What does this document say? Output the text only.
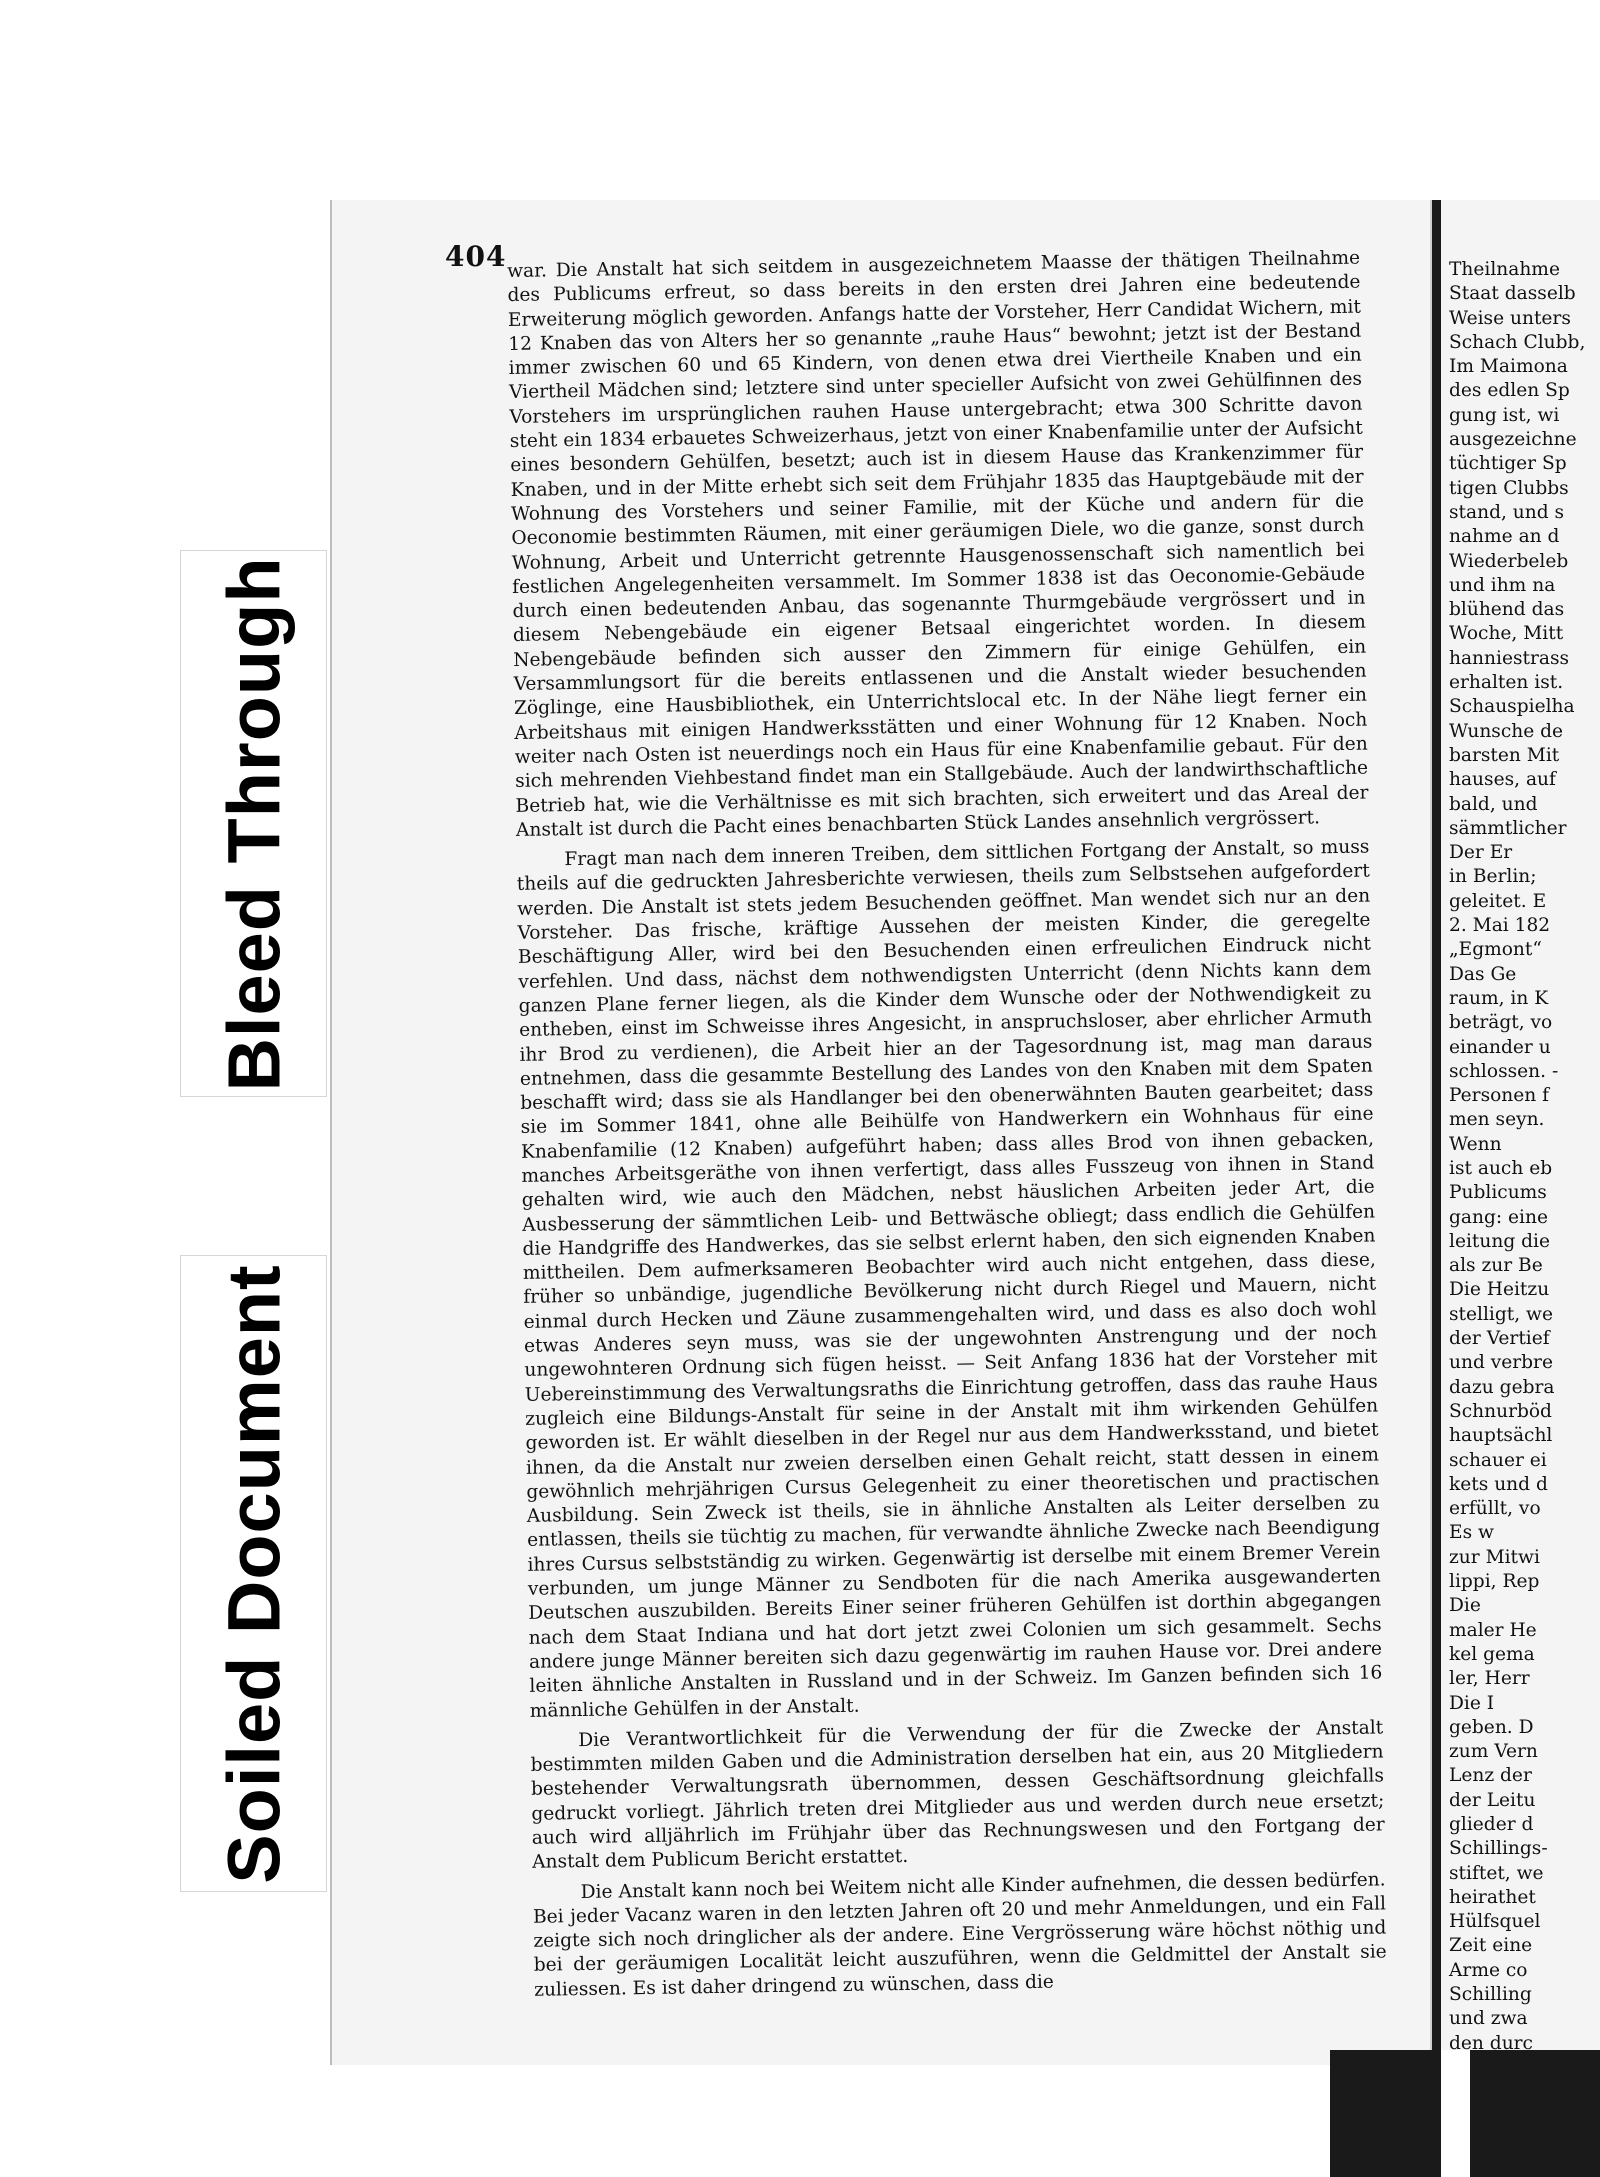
Bleed Through
Soiled Document
404 war. Die Anstalt hat sich seitdem in ausgezeichnetem Maasse der thätigen Theilnahme des Publicums erfreut, so dass bereits in den ersten drei Jahren eine bedeutende Erweiterung möglich geworden. Anfangs hatte der Vorsteher, Herr Candidat Wichern, mit 12 Knaben das von Alters her so genannte „rauhe Haus“ bewohnt; jetzt ist der Bestand immer zwischen 60 und 65 Kindern, von denen etwa drei Viertheile Knaben und ein Viertheil Mädchen sind; letztere sind unter specieller Aufsicht von zwei Gehülfinnen des Vorstehers im ursprünglichen rauhen Hause untergebracht; etwa 300 Schritte davon steht ein 1834 erbauetes Schweizerhaus, jetzt von einer Knabenfamilie unter der Aufsicht eines besondern Gehülfen, besetzt; auch ist in diesem Hause das Krankenzimmer für Knaben, und in der Mitte erhebt sich seit dem Frühjahr 1835 das Hauptgebäude mit der Wohnung des Vorstehers und seiner Familie, mit der Küche und andern für die Oeconomie bestimmten Räumen, mit einer geräumigen Diele, wo die ganze, sonst durch Wohnung, Arbeit und Unterricht getrennte Hausgenossenschaft sich namentlich bei festlichen Angelegenheiten versammelt. Im Sommer 1838 ist das Oeconomie-Gebäude durch einen bedeutenden Anbau, das sogenannte Thurmgebäude vergrössert und in diesem Nebengebäude ein eigener Betsaal eingerichtet worden. In diesem Nebengebäude befinden sich ausser den Zimmern für einige Gehülfen, ein Versammlungsort für die bereits entlassenen und die Anstalt wieder besuchenden Zöglinge, eine Hausbibliothek, ein Unterrichtslocal etc. In der Nähe liegt ferner ein Arbeitshaus mit einigen Handwerksstätten und einer Wohnung für 12 Knaben. Noch weiter nach Osten ist neuerdings noch ein Haus für eine Knabenfamilie gebaut. Für den sich mehrenden Viehbestand findet man ein Stallgebäude. Auch der landwirthschaftliche Betrieb hat, wie die Verhältnisse es mit sich brachten, sich erweitert und das Areal der Anstalt ist durch die Pacht eines benachbarten Stück Landes ansehnlich vergrössert.

Fragt man nach dem inneren Treiben, dem sittlichen Fortgang der Anstalt, so muss theils auf die gedruckten Jahresberichte verwiesen, theils zum Selbstsehen aufgefordert werden. Die Anstalt ist stets jedem Besuchenden geöffnet. Man wendet sich nur an den Vorsteher. Das frische, kräftige Aussehen der meisten Kinder, die geregelte Beschäftigung Aller, wird bei den Besuchenden einen erfreulichen Eindruck nicht verfehlen. Und dass, nächst dem nothwendigsten Unterricht (denn Nichts kann dem ganzen Plane ferner liegen, als die Kinder dem Wunsche oder der Nothwendigkeit zu entheben, einst im Schweisse ihres Angesicht, in anspruchsloser, aber ehrlicher Armuth ihr Brod zu verdienen), die Arbeit hier an der Tagesordnung ist, mag man daraus entnehmen, dass die gesammte Bestellung des Landes von den Knaben mit dem Spaten beschafft wird; dass sie als Handlanger bei den obenerwähnten Bauten gearbeitet; dass sie im Sommer 1841, ohne alle Beihülfe von Handwerkern ein Wohnhaus für eine Knabenfamilie (12 Knaben) aufgeführt haben; dass alles Brod von ihnen gebacken, manches Arbeitsgeräthe von ihnen verfertigt, dass alles Fusszeug von ihnen in Stand gehalten wird, wie auch den Mädchen, nebst häuslichen Arbeiten jeder Art, die Ausbesserung der sämmtlichen Leib- und Bettwäsche obliegt; dass endlich die Gehülfen die Handgriffe des Handwerkes, das sie selbst erlernt haben, den sich eignenden Knaben mittheilen. Dem aufmerksameren Beobachter wird auch nicht entgehen, dass diese, früher so unbändige, jugendliche Bevölkerung nicht durch Riegel und Mauern, nicht einmal durch Hecken und Zäune zusammengehalten wird, und dass es also doch wohl etwas Anderes seyn muss, was sie der ungewohnten Anstrengung und der noch ungewohnteren Ordnung sich fügen heisst. — Seit Anfang 1836 hat der Vorsteher mit Uebereinstimmung des Verwaltungsraths die Einrichtung getroffen, dass das rauhe Haus zugleich eine Bildungs-Anstalt für seine in der Anstalt mit ihm wirkenden Gehülfen geworden ist. Er wählt dieselben in der Regel nur aus dem Handwerksstand, und bietet ihnen, da die Anstalt nur zweien derselben einen Gehalt reicht, statt dessen in einem gewöhnlich mehrjährigen Cursus Gelegenheit zu einer theoretischen und practischen Ausbildung. Sein Zweck ist theils, sie in ähnliche Anstalten als Leiter derselben zu entlassen, theils sie tüchtig zu machen, für verwandte ähnliche Zwecke nach Beendigung ihres Cursus selbstständig zu wirken. Gegenwärtig ist derselbe mit einem Bremer Verein verbunden, um junge Männer zu Sendboten für die nach Amerika ausgewanderten Deutschen auszubilden. Bereits Einer seiner früheren Gehülfen ist dorthin abgegangen nach dem Staat Indiana und hat dort jetzt zwei Colonien um sich gesammelt. Sechs andere junge Männer bereiten sich dazu gegenwärtig im rauhen Hause vor. Drei andere leiten ähnliche Anstalten in Russland und in der Schweiz. Im Ganzen befinden sich 16 männliche Gehülfen in der Anstalt.

Die Verantwortlichkeit für die Verwendung der für die Zwecke der Anstalt bestimmten milden Gaben und die Administration derselben hat ein, aus 20 Mitgliedern bestehender Verwaltungsrath übernommen, dessen Geschäftsordnung gleichfalls gedruckt vorliegt. Jährlich treten drei Mitglieder aus und werden durch neue ersetzt; auch wird alljährlich im Frühjahr über das Rechnungswesen und den Fortgang der Anstalt dem Publicum Bericht erstattet.

Die Anstalt kann noch bei Weitem nicht alle Kinder aufnehmen, die dessen bedürfen. Bei jeder Vacanz waren in den letzten Jahren oft 20 und mehr Anmeldungen, und ein Fall zeigte sich noch dringlicher als der andere. Eine Vergrösserung wäre höchst nöthig und bei der geräumigen Localität leicht auszuführen, wenn die Geldmittel der Anstalt sie zuliessen. Es ist daher dringend zu wünschen, dass die

Theilnahme
Staat dasselb
Weise unters
Schach Clubb,
Im Maimona
des edlen Sp
gung ist, wi
ausgezeichne
tüchtiger Sp
tigen Clubbs
stand, und s
nahme an d
Wiederbeleb
und ihm na
blühend das
Woche, Mitt
hanniestrass
erhalten ist.
Schauspielha
Wunsche de
barsten Mit
hauses, auf
bald, und
sämmtlicher
Der Er
in Berlin;
geleitet. E
2. Mai 182
„Egmont“
Das Ge
raum, in K
beträgt, vo
einander u
schlossen. -
Personen f
men seyn.
Wenn
ist auch eb
Publicums
gang: eine
leitung die
als zur Be
Die Heitzu
stelligt, we
der Vertief
und verbre
dazu gebra
Schnurböd
hauptsächl
schauer ei
kets und d
erfüllt, vo
Es w
zur Mitwi
lippi, Rep
Die
maler He
kel gema
ler, Herr
Die I
geben. D
zum Vern
Lenz der
der Leitu
glieder d
Schillings-
stiftet, we
heirathet
Hülfsquel
Zeit eine
Arme co
Schilling
und zwa
den durc
